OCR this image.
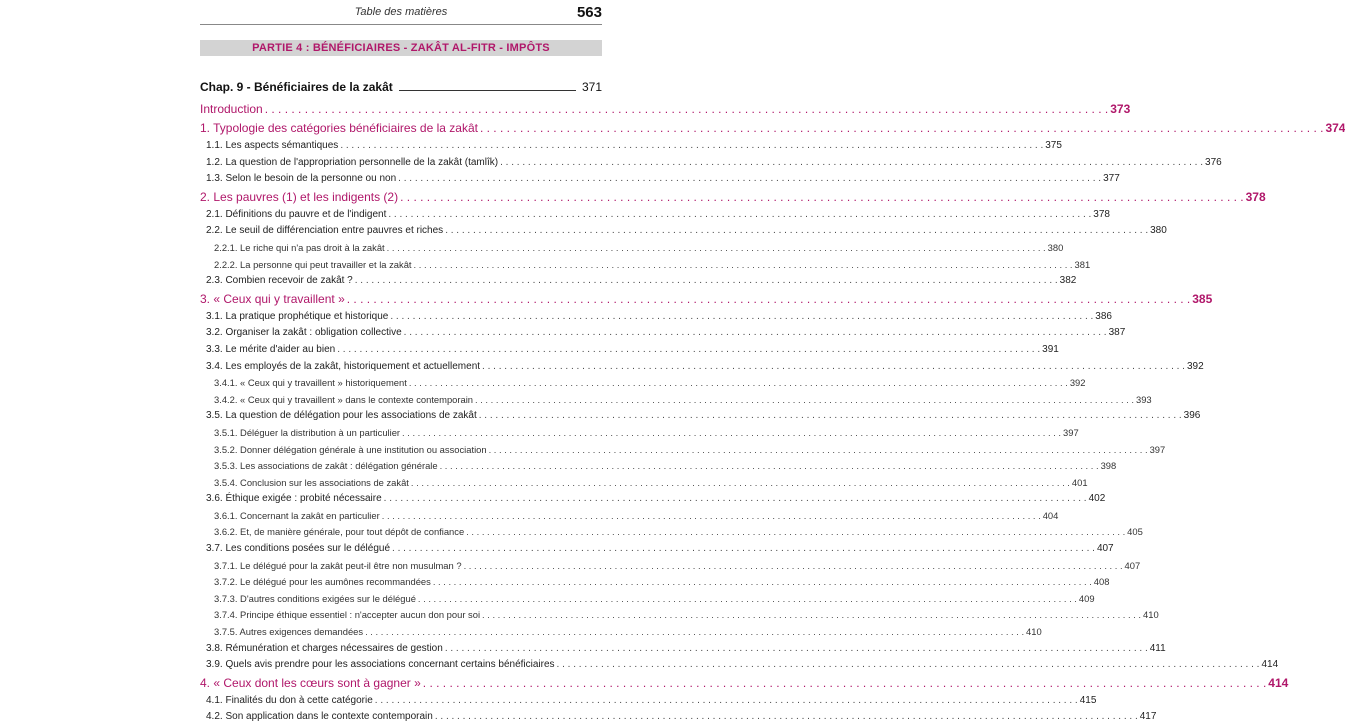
Table des matières	563
PARTIE 4 : BÉNÉFICIAIRES - ZAKÂT AL-FITR - IMPÔTS
Chap. 9 - Bénéficiaires de la zakât	371
Introduction . . .	373
1. Typologie des catégories bénéficiaires de la zakât . . .	374
1.1. Les aspects sémantiques . . .	375
1.2. La question de l'appropriation personnelle de la zakât (tamlîk) . . .	376
1.3. Selon le besoin de la personne ou non . . .	377
2. Les pauvres (1) et les indigents (2) . . .	378
2.1. Définitions du pauvre et de l'indigent . . .	378
2.2. Le seuil de différenciation entre pauvres et riches . . .	380
2.2.1. Le riche qui n'a pas droit à la zakât . . .	380
2.2.2. La personne qui peut travailler et la zakât . . .	381
2.3. Combien recevoir de zakât ? . . .	382
3. « Ceux qui y travaillent » . . .	385
3.1. La pratique prophétique et historique . . .	386
3.2. Organiser la zakât : obligation collective . . .	387
3.3. Le mérite d'aider au bien . . .	391
3.4. Les employés de la zakât, historiquement et actuellement . . .	392
3.4.1. « Ceux qui y travaillent » historiquement . . .	392
3.4.2. « Ceux qui y travaillent » dans le contexte contemporain . . .	393
3.5. La question de délégation pour les associations de zakât . . .	396
3.5.1. Déléguer la distribution à un particulier . . .	397
3.5.2. Donner délégation générale à une institution ou association . . .	397
3.5.3. Les associations de zakât : délégation générale . . .	398
3.5.4. Conclusion sur les associations de zakât . . .	401
3.6. Éthique exigée : probité nécessaire . . .	402
3.6.1. Concernant la zakât en particulier . . .	404
3.6.2. Et, de manière générale, pour tout dépôt de confiance . . .	405
3.7. Les conditions posées sur le délégué . . .	407
3.7.1. Le délégué pour la zakât peut-il être non musulman ? . . .	407
3.7.2. Le délégué pour les aumônes recommandées . . .	408
3.7.3. D'autres conditions exigées sur le délégué . . .	409
3.7.4. Principe éthique essentiel : n'accepter aucun don pour soi . . .	410
3.7.5. Autres exigences demandées . . .	410
3.8. Rémunération et charges nécessaires de gestion . . .	411
3.9. Quels avis prendre pour les associations concernant certains bénéficiaires . . .	414
4. « Ceux dont les cœurs sont à gagner » . . .	414
4.1. Finalités du don à cette catégorie . . .	415
4.2. Son application dans le contexte contemporain . . .	417
